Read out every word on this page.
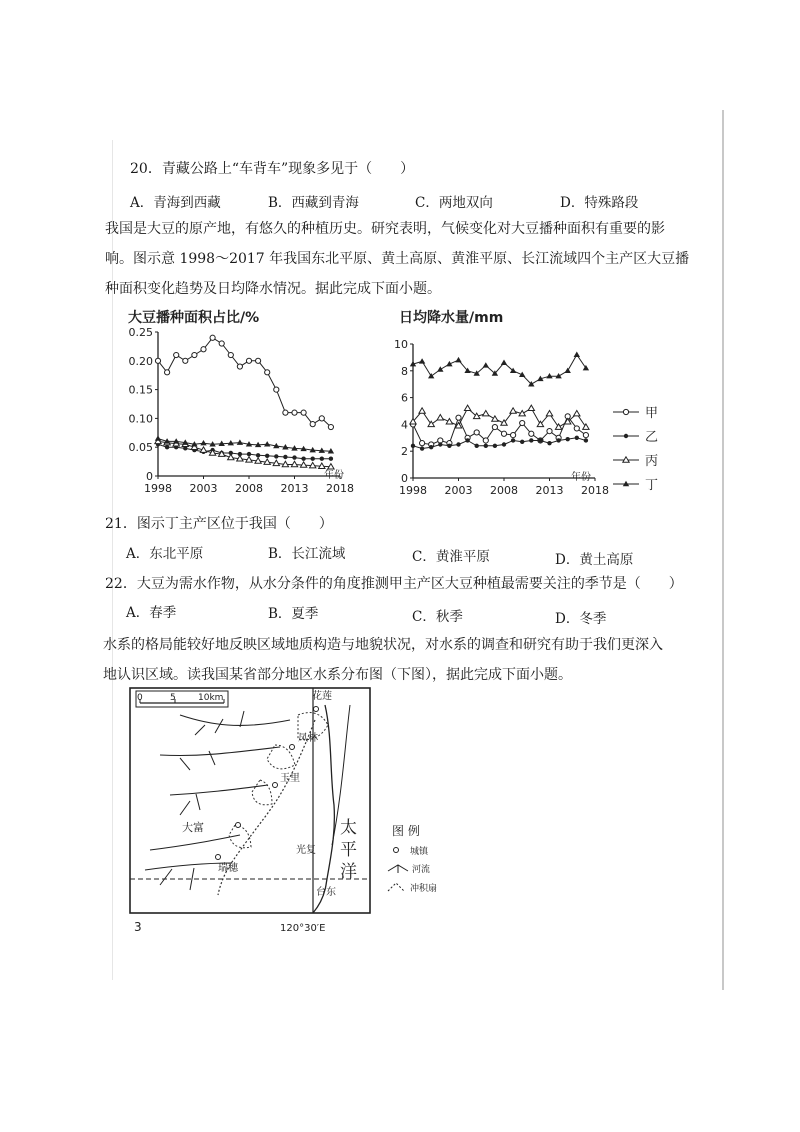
20．青藏公路上“车背车”现象多见于（　　）
A．青海到西藏	B．西藏到青海	C．两地双向	D．特殊路段
我国是大豆的原产地，有悠久的种植历史。研究表明，气候变化对大豆播种面积有重要的影
响。图示意 1998～2017 年我国东北平原、黄土高原、黄淮平原、长江流域四个主产区大豆播
种面积变化趋势及日均降水情况。据此完成下面小题。
大豆播种面积占比/%
年份
0
0.05
0.10
0.15
0.20
0.25
1998 2003 2008 2013 2018
日均降水量/mm
年份
0
2
4
6
8
10
1998 2003 2008 2013 2018
甲
乙
丙
丁
21．图示丁主产区位于我国（　　）
A．东北平原	B．长江流域	C．黄淮平原	D．黄土高原
22．大豆为需水作物，从水分条件的角度推测甲主产区大豆种植最需要关注的季节是（　　）
A．春季	B．夏季	C．秋季	D．冬季
水系的格局能较好地反映区域地质构造与地貌状况，对水系的调查和研究有助于我们更深入
地认识区域。读我国某省部分地区水系分布图（下图），据此完成下面小题。
0	5 10km	花莲
凤林
玉里
大富
瑞穗
光复
台东
太
平
洋
3	120°30′E
图 例
城镇
河流
冲积扇
